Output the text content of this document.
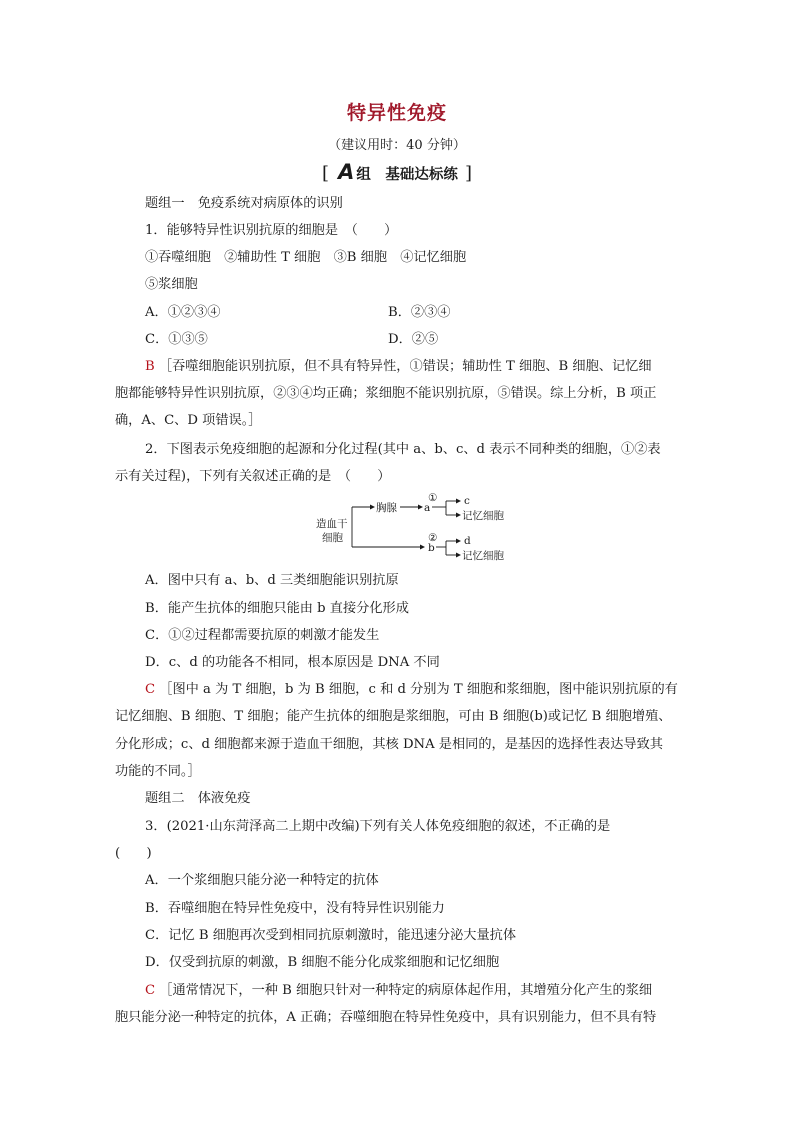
特异性免疫
（建议用时：40 分钟）
[ A 组　 基础达标练 ]
题组一　免疫系统对病原体的识别
1．能够特异性识别抗原的细胞是　（　　）
①吞噬细胞　②辅助性 T 细胞　③B 细胞　④记忆细胞
⑤浆细胞
A．①②③④	B．②③④
C．①③⑤	D．②⑤
B ［吞噬细胞能识别抗原，但不具有特异性，①错误；辅助性 T 细胞、B 细胞、记忆细
胞都能够特异性识别抗原，②③④均正确；浆细胞不能识别抗原，⑤错误。综上分析，B 项正
确，A、C、D 项错误。］
2．下图表示免疫细胞的起源和分化过程(其中 a、b、c、d 表示不同种类的细胞，①②表
示有关过程)，下列有关叙述正确的是　（　　）
造血干
细胞
胸腺	a
b
①	c
记忆细胞
②	d
记忆细胞
A．图中只有 a、b、d 三类细胞能识别抗原
B．能产生抗体的细胞只能由 b 直接分化形成
C．①②过程都需要抗原的刺激才能发生
D．c、d 的功能各不相同，根本原因是 DNA 不同
C ［图中 a 为 T 细胞，b 为 B 细胞，c 和 d 分别为 T 细胞和浆细胞，图中能识别抗原的有
记忆细胞、B 细胞、T 细胞；能产生抗体的细胞是浆细胞，可由 B 细胞(b)或记忆 B 细胞增殖、
分化形成；c、d 细胞都来源于造血干细胞，其核 DNA 是相同的，是基因的选择性表达导致其
功能的不同。］
题组二　体液免疫
3．(2021·山东菏泽高二上期中改编)下列有关人体免疫细胞的叙述，不正确的是
(　　)
A．一个浆细胞只能分泌一种特定的抗体
B．吞噬细胞在特异性免疫中，没有特异性识别能力
C．记忆 B 细胞再次受到相同抗原刺激时，能迅速分泌大量抗体
D．仅受到抗原的刺激，B 细胞不能分化成浆细胞和记忆细胞
C ［通常情况下，一种 B 细胞只针对一种特定的病原体起作用，其增殖分化产生的浆细
胞只能分泌一种特定的抗体，A 正确；吞噬细胞在特异性免疫中，具有识别能力，但不具有特
